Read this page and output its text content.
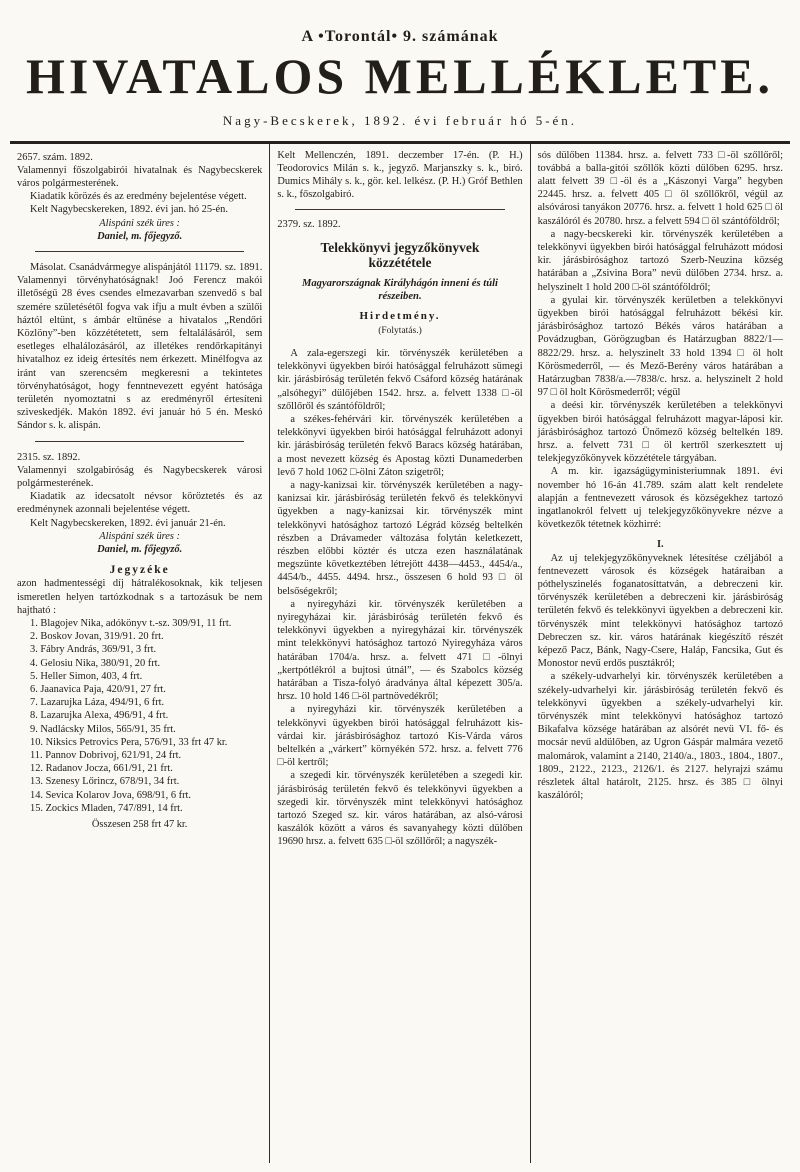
A •Torontál• 9. számának
HIVATALOS MELLÉKLETE.
Nagy-Becskerek, 1892. évi február hó 5-én.

2657. szám. 1892.

Valamennyi főszolgabirói hivatalnak és Nagybecskerek város polgármesterének.

Kiadatik körözés és az eredmény bejelentése végett.

Kelt Nagybecskereken, 1892. évi jan. hó 25-én.

Alispáni szék üres :

Daniel, m. főjegyző.

Másolat. Csanádvármegye alispánjától 11179. sz. 1891. Valamennyi törvényhatóságnak! Joó Ferencz makói illetőségű 28 éves csendes elmezavarban szenvedő s bal szemére születésétől fogva vak ifju a mult évben a szülői háztól eltünt, s ámbár eltünése a hivatalos „Rendőri Közlöny”-ben közzététetett, sem feltalálásáról, sem esetleges elhalálozásáról, az illetékes rendőrkapitányi hivatalhoz ez ideig értesítés nem érkezett. Minélfogva az iránt van szerencsém megkeresni a tekintetes törvényhatóságot, hogy fenntnevezett egyént hatósága területén nyomoztatni s az eredményről értesíteni sziveskedjék. Makón 1892. évi január hó 5 én. Meskó Sándor s. k. alispán.

2315. sz. 1892.

Valamennyi szolgabiróság és Nagybecskerek városi polgármesterének.

Kiadatik az idecsatolt névsor köröztetés és az eredménynek azonnali bejelentése végett.

Kelt Nagybecskereken, 1892. évi január 21-én.

Alispáni szék üres :

Daniel, m. főjegyző.

Jegyzéke

azon hadmentességi díj hátralékosoknak, kik teljesen ismeretlen helyen tartózkodnak s a tartozásuk be nem hajtható :

1. Blagojev Nika, adókönyv t.-sz. 309/91, 11 frt.

2. Boskov Jovan, 319/91. 20 frt.

3. Fábry András, 369/91, 3 frt.

4. Gelosiu Nika, 380/91, 20 frt.

5. Heller Simon, 403, 4 frt.

6. Jaanavica Paja, 420/91, 27 frt.

7. Lazarujka Láza, 494/91, 6 frt.

8. Lazarujka Alexa, 496/91, 4 frt.

9. Nadlácsky Milos, 565/91, 35 frt.

10. Niksics Petrovics Pera, 576/91, 33 frt 47 kr.

11. Pannov Dobrivoj, 621/91, 24 frt.

12. Radanov Jocza, 661/91, 21 frt.

13. Szenesy Lőrincz, 678/91, 34 frt.

14. Sevica Kolarov Jova, 698/91, 6 frt.

15. Zockics Mladen, 747/891, 14 frt.

Összesen 258 frt 47 kr.

Kelt Mellenczén, 1891. deczember 17-én. (P. H.) Teodorovics Milán s. k., jegyző. Marjanszky s. k., biró. Dumics Mihály s. k., gör. kel. lelkész. (P. H.) Gróf Bethlen s. k., főszolgabiró.

2379. sz. 1892.

Telekkönyvi jegyzőkönyvek közzététele

Magyarországnak Királyhágón inneni és túli részeiben.

Hirdetmény.

(Folytatás.)

A zala-egerszegi kir. törvényszék kerületében a telekkönyvi ügyekben birói hatósággal felruházott sümegi kir. járásbiróság területén fekvő Csáford község határának „alsóhegyi” dülőjében 1542. hrsz. a. felvett 1338 □-öl szőllőről és szántóföldről;

a székes-fehérvári kir. törvényszék kerületében a telekkönyvi ügyekben birói hatósággal felruházott adonyi kir. járásbiróság területén fekvő Baracs község határában, a most nevezett község és Apostag közti Dunamederben levő 7 hold 1062 □-ölni Záton szigetről;

a nagy-kanizsai kir. törvényszék kerületében a nagy-kanizsai kir. járásbiróság területén fekvő és telekkönyvi ügyekben a nagy-kanizsai kir. törvényszék mint telekkönyvi hatósághoz tartozó Légrád község beltelkén részben a Drávameder változása folytán keletkezett, részben előbbi köztér és utcza ezen használatának megszünte következtében létrejött 4438—4453., 4454/a., 4454/b., 4455. 4494. hrsz., összesen 6 hold 93 □ öl belsőségekről;

a nyiregyházi kir. törvényszék kerületében a nyiregyházai kir. járásbiróság területén fekvő és telekkönyvi ügyekben a nyiregyházai kir. törvényszék mint telekkönyvi hatósághoz tartozó Nyiregyháza város határában 1704/a. hrsz. a. felvett 471 □-ölnyi „kertpótlékról a bujtosi útnál”, — és Szabolcs község határában a Tisza-folyó áradványa által képezett 305/a. hrsz. 10 hold 146 □-öl partnövedékről;

a nyiregyházi kir. törvényszék kerületében a telekkönyvi ügyekben birói hatósággal felruházott kis-várdai kir. járásbirósághoz tartozó Kis-Várda város beltelkén a „várkert” környékén 572. hrsz. a. felvett 776 □-öl kertről;

a szegedi kir. törvényszék kerületében a szegedi kir. járásbiróság területén fekvő és telekkönyvi ügyekben a szegedi kir. törvényszék mint telekkönyvi hatósághoz tartozó Szeged sz. kir. város határában, az alsó-városi kaszálók között a város és savanyahegy közti dülőben 19690 hrsz. a. felvett 635 □-öl szőllőről; a nagyszék-

sós dülőben 11384. hrsz. a. felvett 733 □-öl szőllőről; továbbá a balla-gitói szőllők közti dülőben 6295. hrsz. alatt felvett 39 □-öl és a „Kászonyi Varga” hegyben 22445. hrsz. a. felvett 405 □ öl szőllőkről, végül az alsóvárosi tanyákon 20776. hrsz. a. felvett 1 hold 625 □ öl kaszálóról és 20780. hrsz. a felvett 594 □ öl szántóföldről;

a nagy-becskereki kir. törvényszék kerületében a telekkönyvi ügyekben birói hatósággal felruházott módosi kir. járásbirósághoz tartozó Szerb-Neuzina község határában a „Zsivina Bora” nevü dülőben 2734. hrsz. a. helyszinelt 1 hold 200 □-öl szántóföldről;

a gyulai kir. törvényszék kerületben a telekkönyvi ügyekben birói hatósággal felruházott békési kir. járásbirósághoz tartozó Békés város határában a Povádzugban, Görögzugban és Határzugban 8822/1—8822/29. hrsz. a. helyszinelt 33 hold 1394 □ öl holt Körösmederről, — és Mező-Berény város határában a Határzugban 7838/a.—7838/c. hrsz. a. helyszinelt 2 hold 97 □ öl holt Körösmederről; végül

a deési kir. törvényszék kerületében a telekkönyvi ügyekben birói hatósággal felruházott magyar-láposi kir. járásbirósághoz tartozó Ünőmező község beltelkén 189. hrsz. a. felvett 731 □ öl kertről szerkesztett uj telekjegyzőkönyvek közzététele tárgyában.

A m. kir. igazságügyministeriumnak 1891. évi november hó 16-án 41.789. szám alatt kelt rendelete alapján a fentnevezett városok és községekhez tartozó ingatlanokról felvett uj telekjegyzőkönyvekre nézve a következők tétetnek közhirré:

I.

Az uj telekjegyzőkönyveknek létesítése czéljából a fentnevezett városok és községek határaiban a póthelyszinelés foganatosíttatván, a debreczeni kir. törvényszék kerületében a debreczeni kir. járásbiróság területén fekvő és telekkönyvi ügyekben a debreczeni kir. törvényszék mint telekkönyvi hatósághoz tartozó Debreczen sz. kir. város határának kiegészítő részét képező Pacz, Bánk, Nagy-Csere, Haláp, Fancsika, Gut és Monostor nevű erdős pusztákról;

a székely-udvarhelyi kir. törvényszék kerületében a székely-udvarhelyi kir. járásbiróság területén fekvő és telekkönyvi ügyekben a székely-udvarhelyi kir. törvényszék mint telekkönyvi hatósághoz tartozó Bikafalva községe határában az alsórét nevü VI. fő- és mocsár nevű aldülőben, az Ugron Gáspár malmára vezető malomárok, valamint a 2140, 2140/a., 1803., 1804., 1807., 1809., 2122., 2123., 2126/1. és 2127. helyrajzi számu részletek által határolt, 2125. hrsz. és 385 □ ölnyi kaszálóról;
